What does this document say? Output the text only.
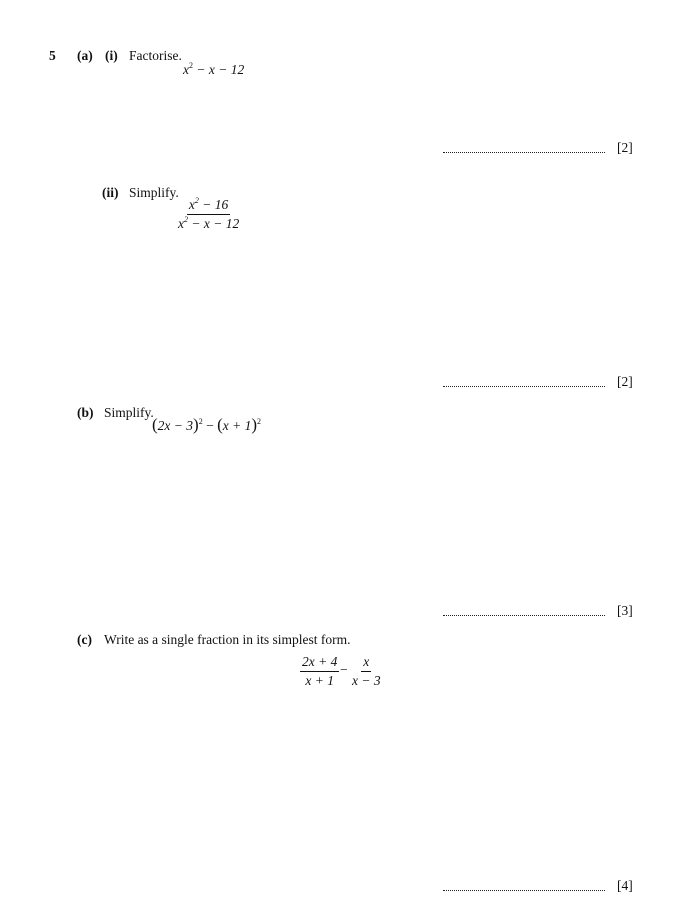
5 (a) (i) Factorise.
$x^2 - x - 12$
[2]
(ii) Simplify.
$\frac{x^2 - 16}{x^2 - x - 12}$
[2]
(b) Simplify.
$(2x - 3)^2 - (x + 1)^2$
[3]
(c) Write as a single fraction in its simplest form.
$\frac{2x + 4}{x + 1} - \frac{x}{x - 3}$
[4]
